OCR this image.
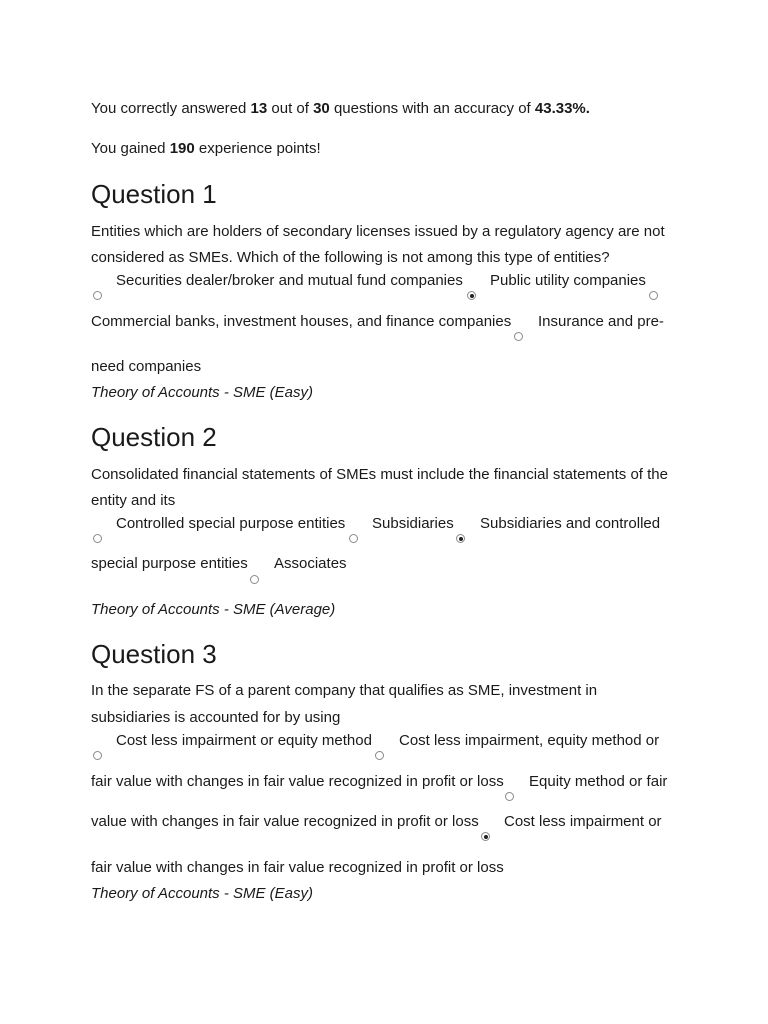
You correctly answered 13 out of 30 questions with an accuracy of 43.33%.
You gained 190 experience points!
Question 1
Entities which are holders of secondary licenses issued by a regulatory agency are not
considered as SMEs. Which of the following is not among this type of entities?
Securities dealer/broker and mutual fund companies Public utility companies
Commercial banks, investment houses, and finance companies Insurance and pre-
need companies
Theory of Accounts - SME (Easy)
Question 2
Consolidated financial statements of SMEs must include the financial statements of the
entity and its
Controlled special purpose entities Subsidiaries Subsidiaries and controlled
special purpose entities Associates
Theory of Accounts - SME (Average)
Question 3
In the separate FS of a parent company that qualifies as SME, investment in
subsidiaries is accounted for by using
Cost less impairment or equity method Cost less impairment, equity method or
fair value with changes in fair value recognized in profit or loss Equity method or fair
value with changes in fair value recognized in profit or loss Cost less impairment or
fair value with changes in fair value recognized in profit or loss
Theory of Accounts - SME (Easy)
